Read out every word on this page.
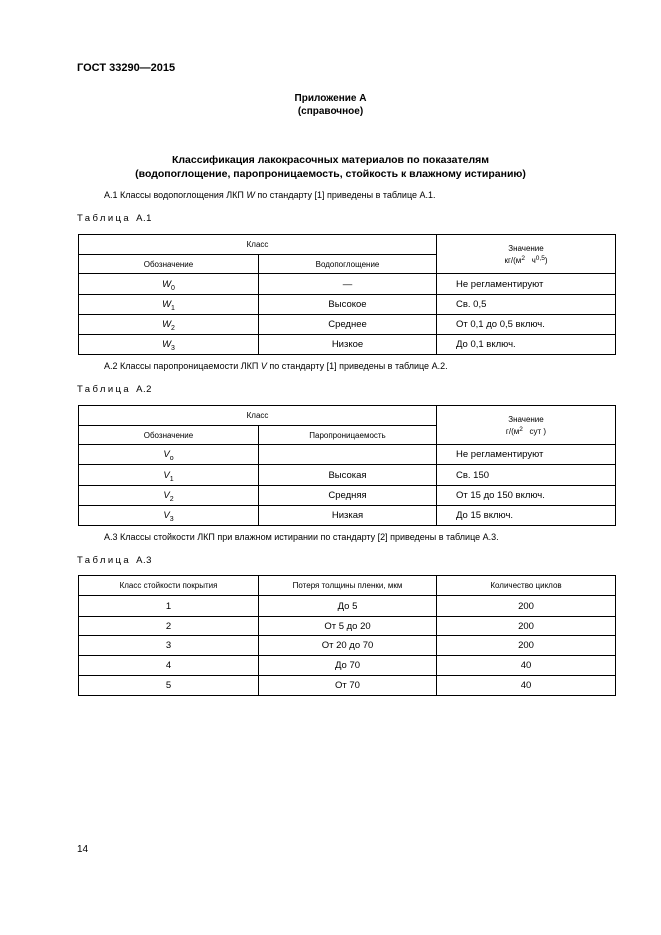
ГОСТ 33290—2015
Приложение А
(справочное)
Классификация лакокрасочных материалов по показателям
(водопоглощение, паропроницаемость, стойкость к влажному истиранию)
А.1 Классы водопоглощения ЛКП W по стандарту [1] приведены в таблице А.1.
Таблица А.1
Класс		Значение
$кг/(м^2$   $ч^{0,5}$)

Обозначение	Водопоглощение	
$W_0$	—	Не регламентируют
$W_1$	Высокое	Св. 0,5
$W_2$	Среднее	От 0,1 до 0,5 включ.
$W_3$	Низкое	До 0,1 включ.
А.2 Классы паропроницаемости ЛКП V по стандарту [1] приведены в таблице А.2.
Таблица А.2
Класс		Значение
$г/(м^2$   сут )

Обозначение	Паропроницаемость	
$V_o$		Не регламентируют
$V_1$	Высокая	Св. 150
$V_2$	Средняя	От 15 до 150 включ.
$V_3$	Низкая	До 15 включ.
А.3 Классы стойкости ЛКП при влажном истирании по стандарту [2] приведены в таблице А.3.
Таблица А.3
Класс стойкости покрытия	Потеря толщины пленки, мкм	Количество циклов
1	До 5	200
2	От 5 до 20	200
3	От 20 до 70	200
4	До 70	40
5	От 70	40
14
